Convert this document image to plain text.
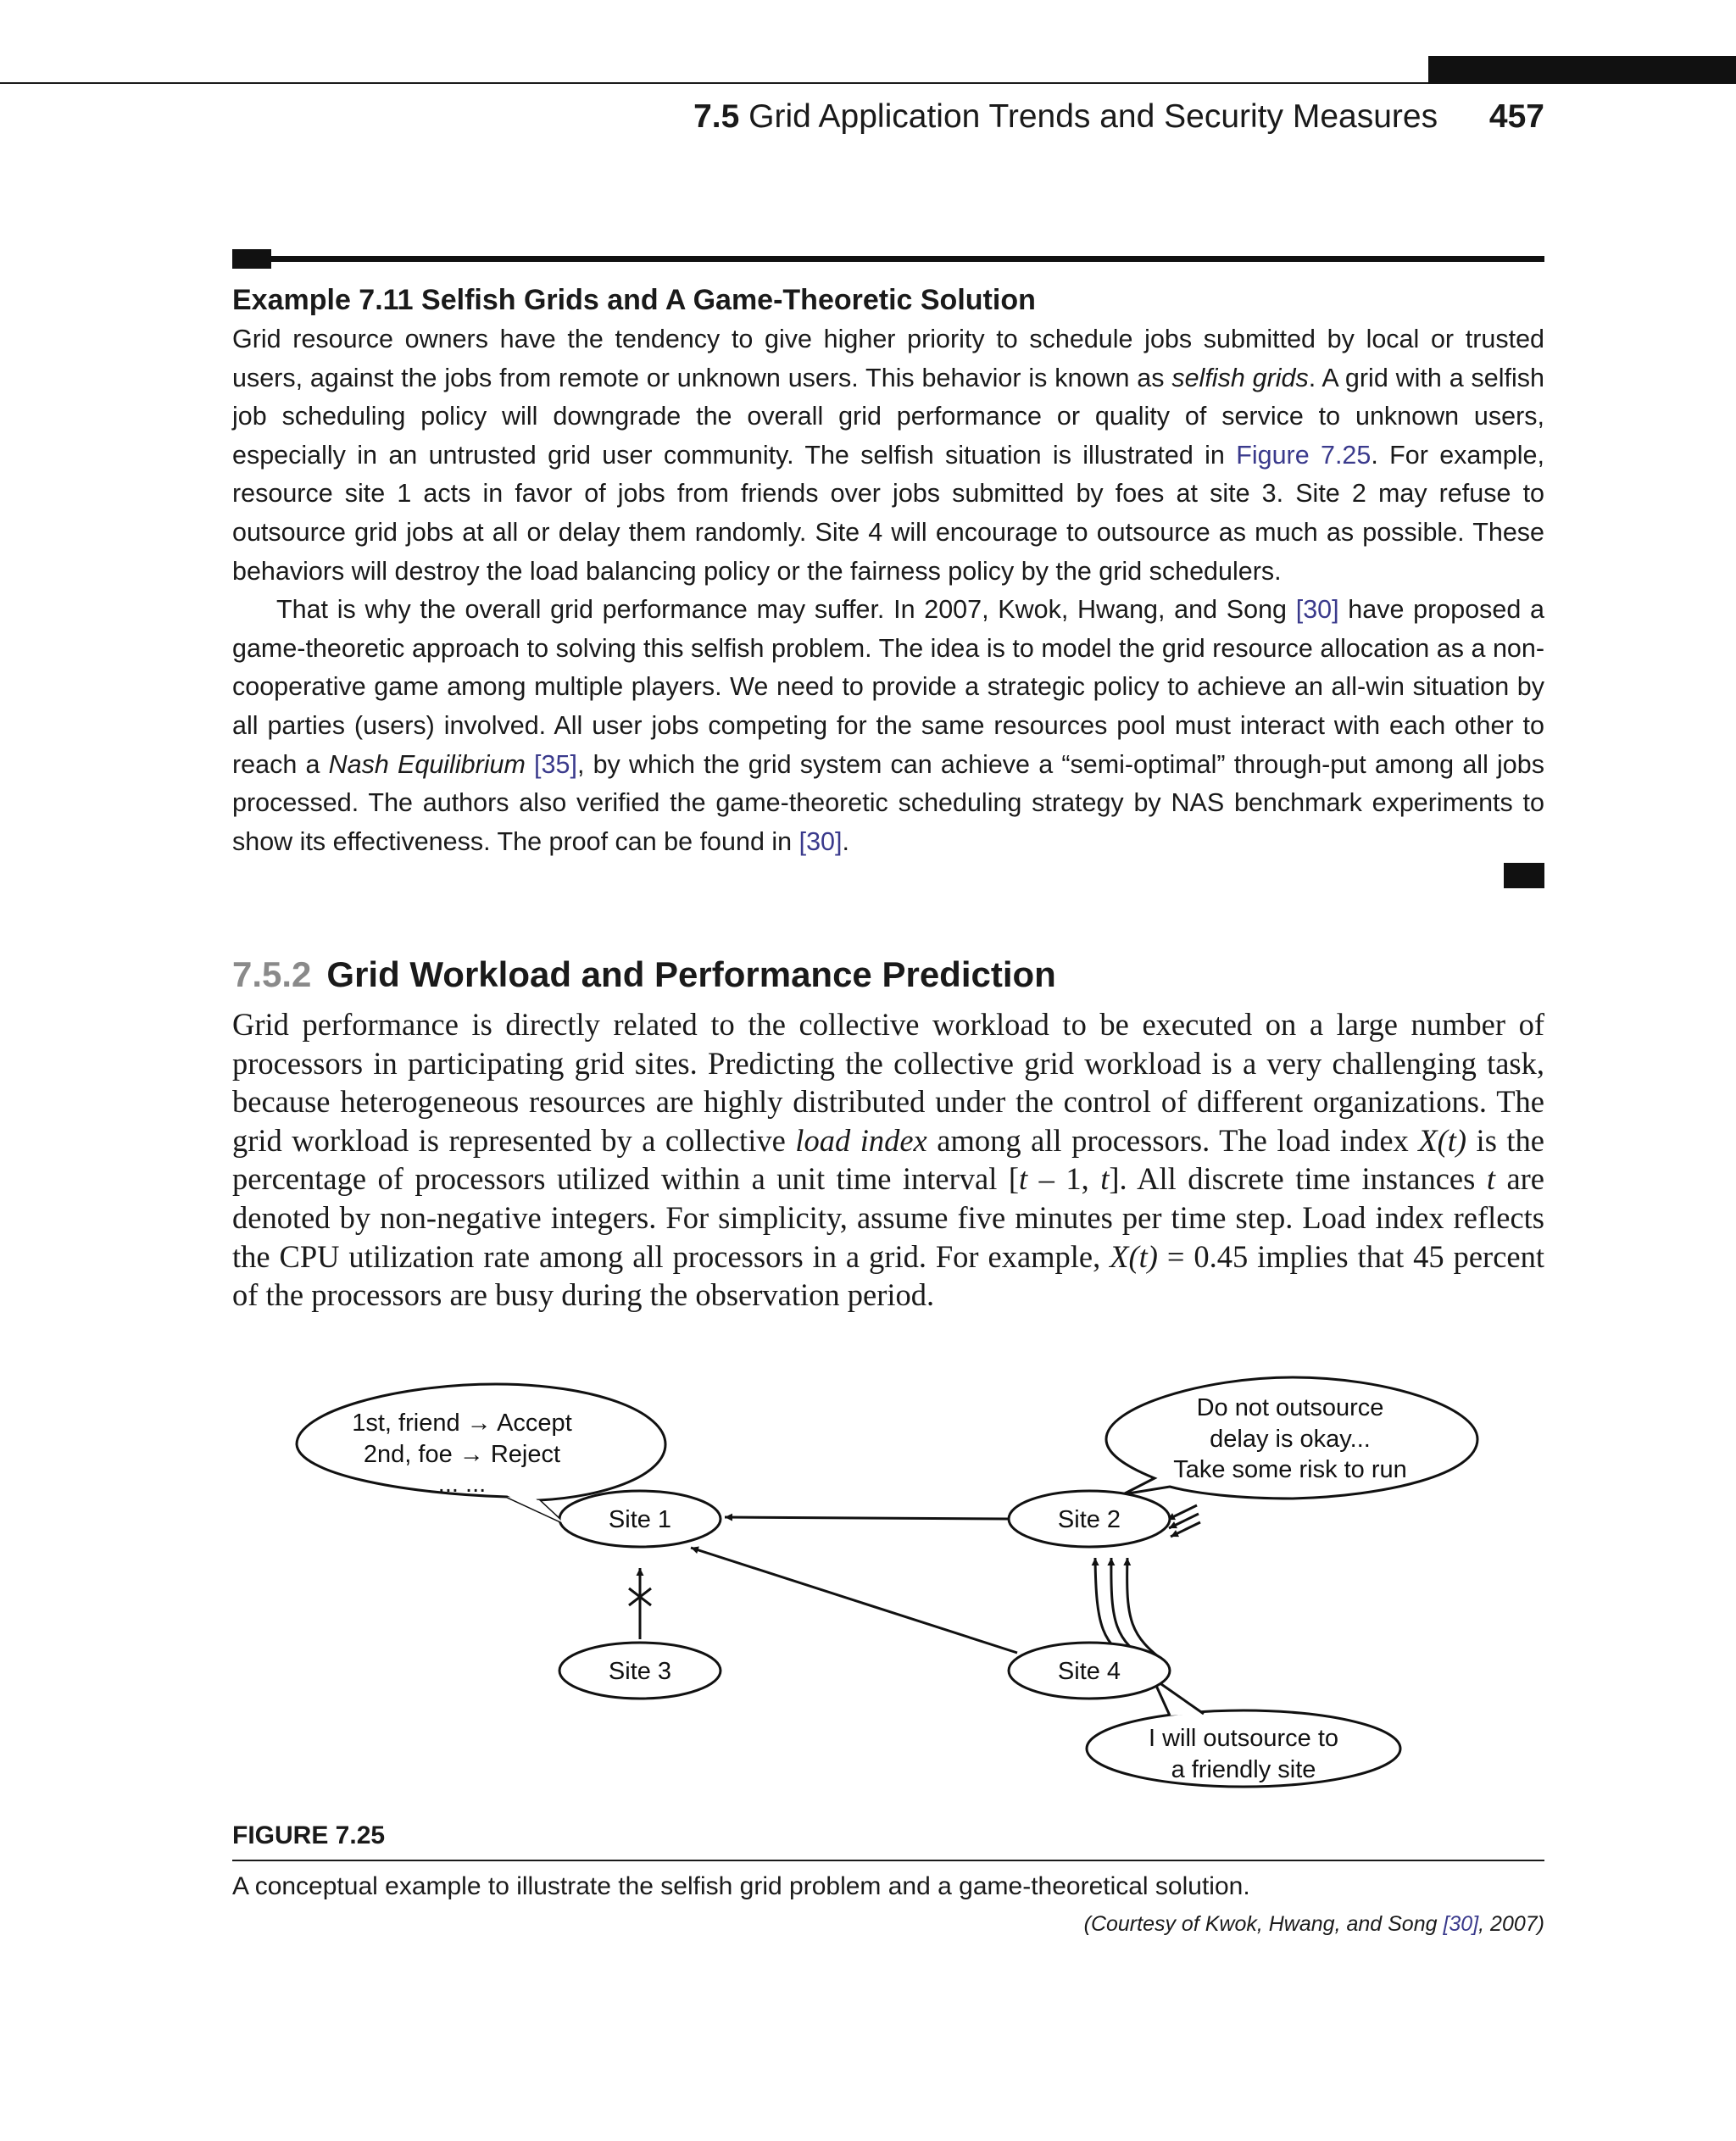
7.5 Grid Application Trends and Security Measures 457
Example 7.11 Selfish Grids and A Game-Theoretic Solution

Grid resource owners have the tendency to give higher priority to schedule jobs submitted by local or trusted users, against the jobs from remote or unknown users. This behavior is known as selfish grids. A grid with a selfish job scheduling policy will downgrade the overall grid performance or quality of service to unknown users, especially in an untrusted grid user community. The selfish situation is illustrated in Figure 7.25. For example, resource site 1 acts in favor of jobs from friends over jobs submitted by foes at site 3. Site 2 may refuse to outsource grid jobs at all or delay them randomly. Site 4 will encourage to outsource as much as possible. These behaviors will destroy the load balancing policy or the fairness policy by the grid schedulers.

That is why the overall grid performance may suffer. In 2007, Kwok, Hwang, and Song [30] have proposed a game-theoretic approach to solving this selfish problem. The idea is to model the grid resource allocation as a non-cooperative game among multiple players. We need to provide a strategic policy to achieve an all-win situation by all parties (users) involved. All user jobs competing for the same resources pool must interact with each other to reach a Nash Equilibrium [35], by which the grid system can achieve a “semi-optimal” through-put among all jobs processed. The authors also verified the game-theoretic scheduling strategy by NAS benchmark experiments to show its effectiveness. The proof can be found in [30].

7.5.2 Grid Workload and Performance Prediction

Grid performance is directly related to the collective workload to be executed on a large number of processors in participating grid sites. Predicting the collective grid workload is a very challenging task, because heterogeneous resources are highly distributed under the control of different organizations. The grid workload is represented by a collective load index among all processors. The load index X(t) is the percentage of processors utilized within a unit time interval [t – 1, t]. All discrete time instances t are denoted by non-negative integers. For simplicity, assume five minutes per time step. Load index reflects the CPU utilization rate among all processors in a grid. For example, X(t) = 0.45 implies that 45 percent of the processors are busy during the observation period.

Site 1	Site 2
Site 3	Site 4
1st, friend → Accept
2nd, foe → Reject
... ...
Do not outsource
delay is okay...
Take some risk to run
I will outsource to
a friendly site
FIGURE 7.25
A conceptual example to illustrate the selfish grid problem and a game-theoretical solution.
(Courtesy of Kwok, Hwang, and Song [30], 2007)
